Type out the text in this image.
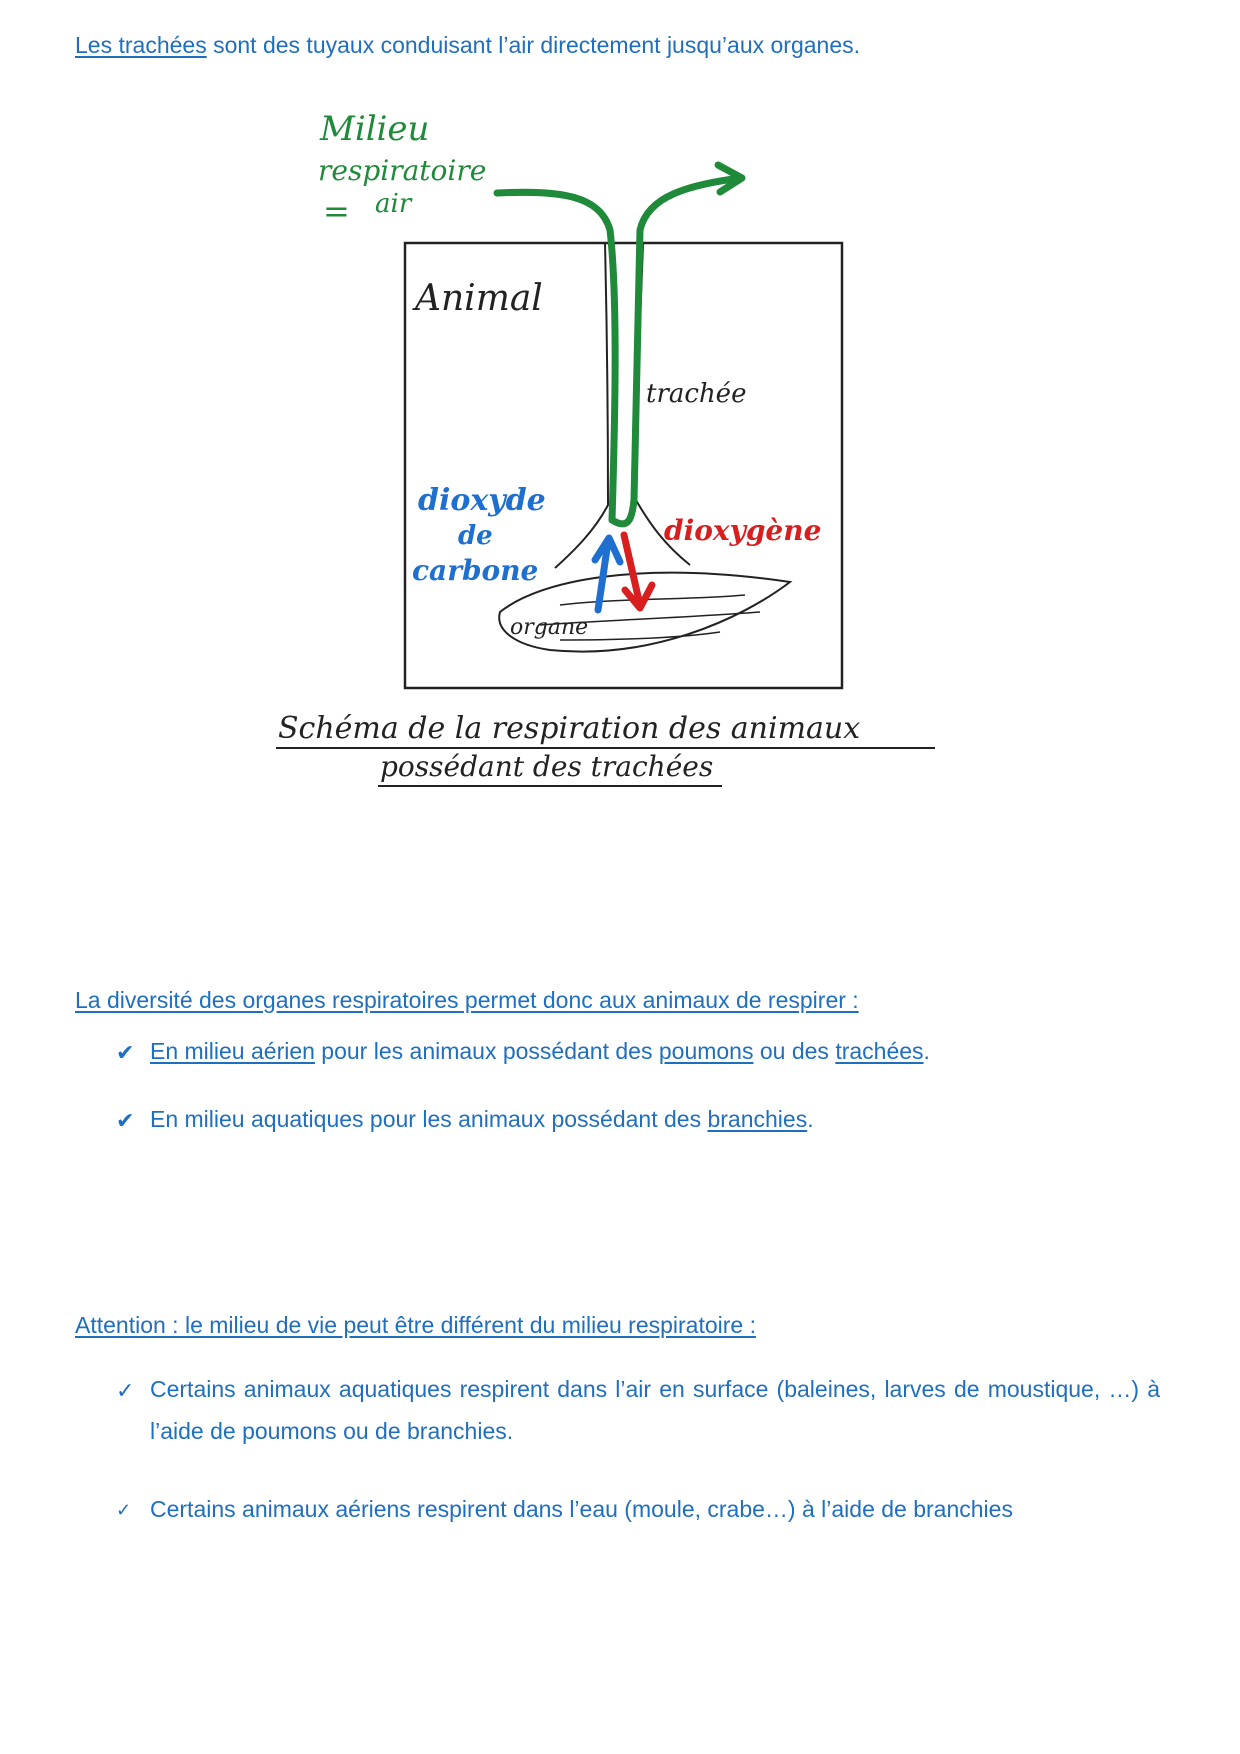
Les trachées sont des tuyaux conduisant l’air directement jusqu’aux organes.
Milieu
respiratoire
= air
Animal
trachée
organe
dioxyde
de
carbone
dioxygène
Schéma de la respiration des animaux
possédant des trachées
La diversité des organes respiratoires permet donc aux animaux de respirer :
✔ En milieu aérien pour les animaux possédant des poumons ou des trachées.
✔ En milieu aquatiques pour les animaux possédant des branchies.
Attention : le milieu de vie peut être différent du milieu respiratoire :
✓ Certains animaux aquatiques respirent dans l’air en surface (baleines, larves de moustique, …) à l’aide de poumons ou de branchies.
✓ Certains animaux aériens respirent dans l’eau (moule, crabe…) à l’aide de branchies
